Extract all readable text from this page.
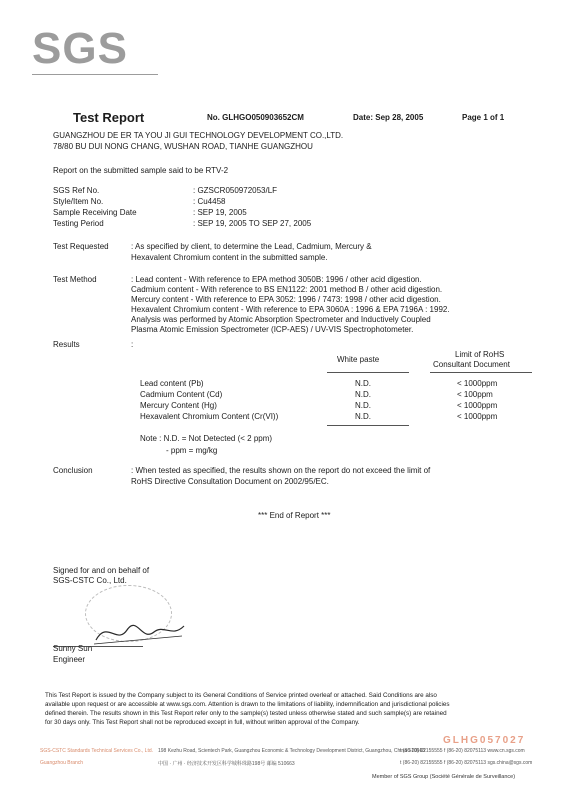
SGS
Test Report	No. GLHGO050903652CM	Date: Sep 28, 2005	Page 1 of 1
GUANGZHOU DE ER TA YOU JI GUI TECHNOLOGY DEVELOPMENT CO.,LTD.
78/80 BU DUI NONG CHANG, WUSHAN ROAD, TIANHE GUANGZHOU
Report on the submitted sample said to be RTV-2
SGS Ref No.	: GZSCR050972053/LF
Style/Item No.	: Cu4458
Sample Receiving Date	: SEP 19, 2005
Testing Period	: SEP 19, 2005 TO SEP 27, 2005
Test Requested	: As specified by client, to determine the Lead, Cadmium, Mercury &
Hexavalent Chromium content in the submitted sample.
Test Method	: Lead content - With reference to EPA method 3050B: 1996 / other acid digestion.
Cadmium content - With reference to BS EN1122: 2001 method B / other acid digestion.
Mercury content - With reference to EPA 3052: 1996 / 7473: 1998 / other acid digestion.
Hexavalent Chromium content - With reference to EPA 3060A : 1996 & EPA 7196A : 1992.
Analysis was performed by Atomic Absorption Spectrometer and Inductively Coupled
Plasma Atomic Emission Spectrometer (ICP-AES) / UV-VIS Spectrophotometer.
Results	:
White paste
Limit of RoHS
Consultant Document
Lead content (Pb)	N.D.	< 1000ppm
Cadmium Content (Cd)	N.D.	< 100ppm
Mercury Content (Hg)	N.D.	< 1000ppm
Hexavalent Chromium Content (Cr(VI))	N.D.	< 1000ppm
Note : N.D. = Not Detected (< 2 ppm)
- ppm = mg/kg
Conclusion	: When tested as specified, the results shown on the report do not exceed the limit of
RoHS Directive Consultation Document on 2002/95/EC.
*** End of Report ***
Signed for and on behalf of
SGS-CSTC Co., Ltd.
Sunny Sun
Engineer
This Test Report is issued by the Company subject to its General Conditions of Service printed overleaf or attached. Said Conditions are also
available upon request or are accessible at www.sgs.com. Attention is drawn to the limitations of liability, indemnification and jurisdictional policies
defined therein. The results shown in this Test Report refer only to the sample(s) tested unless otherwise stated and such sample(s) are retained
for 30 days only. This Test Report shall not be reproduced except in full, without written approval of the Company.
GLHG057027
SGS-CSTC Standards Technical Services Co., Ltd.
Guangzhou Branch
198 Kezhu Road, Scientech Park, Guangzhou Economic & Technology Development District, Guangzhou, China 510663
中国 · 广州 · 经济技术开发区科学城科珠路198号 邮编 510663
t (86-20) 82155555 f (86-20) 82075113 www.cn.sgs.com
t (86-20) 82155555 f (86-20) 82075113 sgs.china@sgs.com
Member of SGS Group (Société Générale de Surveillance)
